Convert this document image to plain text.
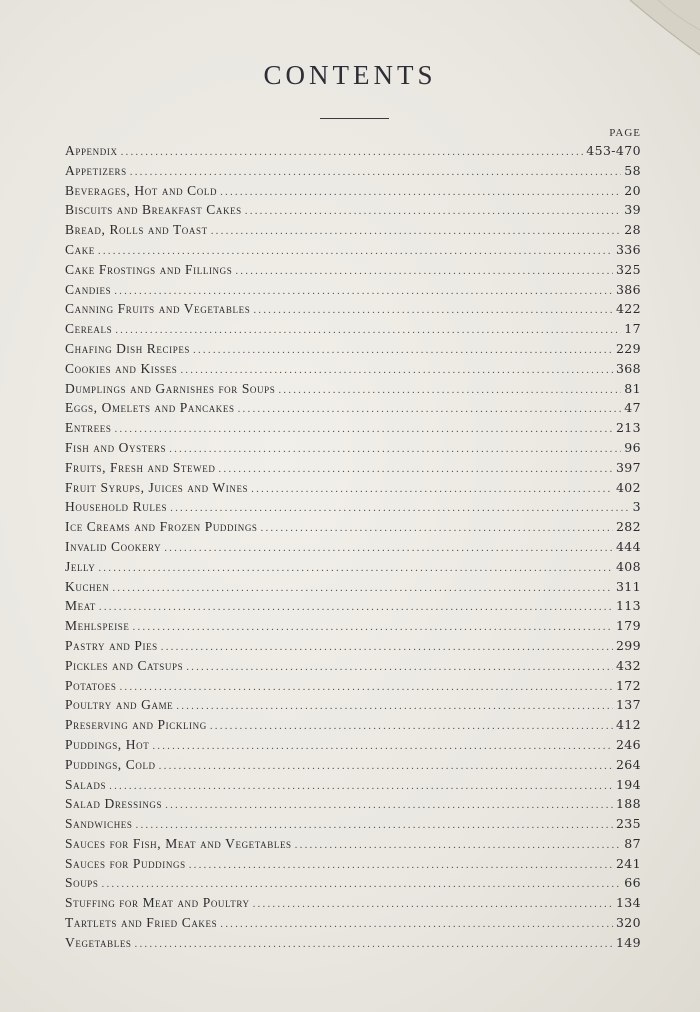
CONTENTS
PAGE
Appendix .....	453-470
Appetizers .....	58
Beverages, Hot and Cold .....	20
Biscuits and Breakfast Cakes .....	39
Bread, Rolls and Toast .....	28
Cake .....	336
Cake Frostings and Fillings .....	325
Candies .....	386
Canning Fruits and Vegetables .....	422
Cereals .....	17
Chafing Dish Recipes .....	229
Cookies and Kisses .....	368
Dumplings and Garnishes for Soups .....	81
Eggs, Omelets and Pancakes .....	47
Entrees .....	213
Fish and Oysters .....	96
Fruits, Fresh and Stewed .....	397
Fruit Syrups, Juices and Wines .....	402
Household Rules .....	3
Ice Creams and Frozen Puddings .....	282
Invalid Cookery .....	444
Jelly .....	408
Kuchen .....	311
Meat .....	113
Mehlspeise .....	179
Pastry and Pies .....	299
Pickles and Catsups .....	432
Potatoes .....	172
Poultry and Game .....	137
Preserving and Pickling .....	412
Puddings, Hot .....	246
Puddings, Cold .....	264
Salads .....	194
Salad Dressings .....	188
Sandwiches .....	235
Sauces for Fish, Meat and Vegetables .....	87
Sauces for Puddings .....	241
Soups .....	66
Stuffing for Meat and Poultry .....	134
Tartlets and Fried Cakes .....	320
Vegetables .....	149
